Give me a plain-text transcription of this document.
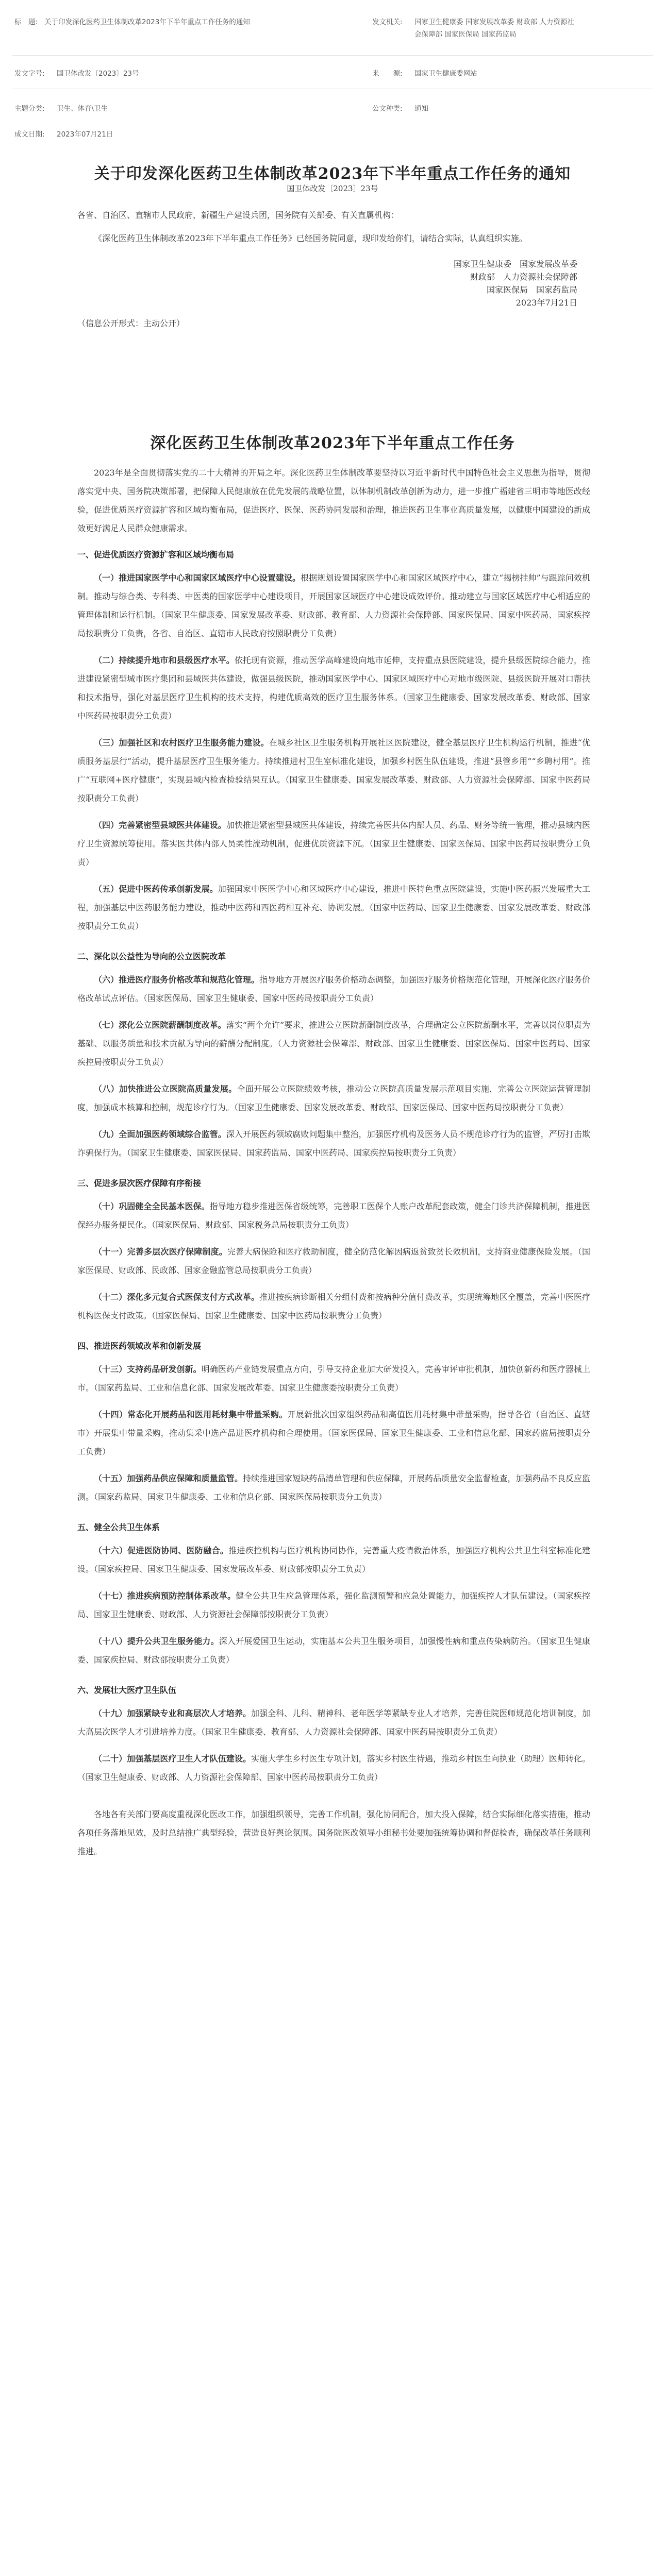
标　题: 关于印发深化医药卫生体制改革2023年下半年重点工作任务的通知	发文机关: 国家卫生健康委 国家发展改革委 财政部 人力资源社
会保障部 国家医保局 国家药监局
发文字号: 国卫体改发〔2023〕23号	来　　源: 国家卫生健康委网站
主题分类: 卫生、体育\卫生	公文种类: 通知
成文日期: 2023年07月21日
关于印发深化医药卫生体制改革2023年下半年重点工作任务的通知
国卫体改发〔2023〕23号

各省、自治区、直辖市人民政府，新疆生产建设兵团，国务院有关部委、有关直属机构：

《深化医药卫生体制改革2023年下半年重点工作任务》已经国务院同意，现印发给你们，请结合实际，认真组织实施。

国家卫生健康委　国家发展改革委
财政部　人力资源社会保障部
国家医保局　国家药监局
2023年7月21日

（信息公开形式：主动公开）

深化医药卫生体制改革2023年下半年重点工作任务

2023年是全面贯彻落实党的二十大精神的开局之年。深化医药卫生体制改革要坚持以习近平新时代中国特色社会主义思想为指导，贯彻落实党中央、国务院决策部署，把保障人民健康放在优先发展的战略位置，以体制机制改革创新为动力，进一步推广福建省三明市等地医改经验，促进优质医疗资源扩容和区域均衡布局，促进医疗、医保、医药协同发展和治理，推进医药卫生事业高质量发展，以健康中国建设的新成效更好满足人民群众健康需求。

一、促进优质医疗资源扩容和区域均衡布局

（一）推进国家医学中心和国家区域医疗中心设置建设。根据规划设置国家医学中心和国家区域医疗中心，建立“揭榜挂帅”与跟踪问效机制。推动与综合类、专科类、中医类的国家医学中心建设项目，开展国家区域医疗中心建设成效评价。推动建立与国家区域医疗中心相适应的管理体制和运行机制。（国家卫生健康委、国家发展改革委、财政部、教育部、人力资源社会保障部、国家医保局、国家中医药局、国家疾控局按职责分工负责，各省、自治区、直辖市人民政府按照职责分工负责）

（二）持续提升地市和县级医疗水平。依托现有资源，推动医学高峰建设向地市延伸，支持重点县医院建设，提升县级医院综合能力，推进建设紧密型城市医疗集团和县域医共体建设，做强县级医院，推动国家医学中心、国家区域医疗中心对地市级医院、县级医院开展对口帮扶和技术指导，强化对基层医疗卫生机构的技术支持，构建优质高效的医疗卫生服务体系。（国家卫生健康委、国家发展改革委、财政部、国家中医药局按职责分工负责）

（三）加强社区和农村医疗卫生服务能力建设。在城乡社区卫生服务机构开展社区医院建设，健全基层医疗卫生机构运行机制，推进“优质服务基层行”活动，提升基层医疗卫生服务能力。持续推进村卫生室标准化建设，加强乡村医生队伍建设，推进“县管乡用”“乡聘村用”。推广“互联网+医疗健康”，实现县域内检查检验结果互认。（国家卫生健康委、国家发展改革委、财政部、人力资源社会保障部、国家中医药局按职责分工负责）

（四）完善紧密型县域医共体建设。加快推进紧密型县域医共体建设，持续完善医共体内部人员、药品、财务等统一管理，推动县域内医疗卫生资源统筹使用。落实医共体内部人员柔性流动机制，促进优质资源下沉。（国家卫生健康委、国家医保局、国家中医药局按职责分工负责）

（五）促进中医药传承创新发展。加强国家中医医学中心和区域医疗中心建设，推进中医特色重点医院建设，实施中医药振兴发展重大工程，加强基层中医药服务能力建设，推动中医药和西医药相互补充、协调发展。（国家中医药局、国家卫生健康委、国家发展改革委、财政部按职责分工负责）

二、深化以公益性为导向的公立医院改革

（六）推进医疗服务价格改革和规范化管理。指导地方开展医疗服务价格动态调整，加强医疗服务价格规范化管理，开展深化医疗服务价格改革试点评估。（国家医保局、国家卫生健康委、国家中医药局按职责分工负责）

（七）深化公立医院薪酬制度改革。落实“两个允许”要求，推进公立医院薪酬制度改革，合理确定公立医院薪酬水平，完善以岗位职责为基础、以服务质量和技术贡献为导向的薪酬分配制度。（人力资源社会保障部、财政部、国家卫生健康委、国家医保局、国家中医药局、国家疾控局按职责分工负责）

（八）加快推进公立医院高质量发展。全面开展公立医院绩效考核，推动公立医院高质量发展示范项目实施，完善公立医院运营管理制度，加强成本核算和控制，规范诊疗行为。（国家卫生健康委、国家发展改革委、财政部、国家医保局、国家中医药局按职责分工负责）

（九）全面加强医药领域综合监管。深入开展医药领域腐败问题集中整治，加强医疗机构及医务人员不规范诊疗行为的监管，严厉打击欺诈骗保行为。（国家卫生健康委、国家医保局、国家药监局、国家中医药局、国家疾控局按职责分工负责）

三、促进多层次医疗保障有序衔接

（十）巩固健全全民基本医保。指导地方稳步推进医保省级统筹，完善职工医保个人账户改革配套政策，健全门诊共济保障机制，推进医保经办服务便民化。（国家医保局、财政部、国家税务总局按职责分工负责）

（十一）完善多层次医疗保障制度。完善大病保险和医疗救助制度，健全防范化解因病返贫致贫长效机制，支持商业健康保险发展。（国家医保局、财政部、民政部、国家金融监管总局按职责分工负责）

（十二）深化多元复合式医保支付方式改革。推进按疾病诊断相关分组付费和按病种分值付费改革，实现统筹地区全覆盖，完善中医医疗机构医保支付政策。（国家医保局、国家卫生健康委、国家中医药局按职责分工负责）

四、推进医药领域改革和创新发展

（十三）支持药品研发创新。明确医药产业链发展重点方向，引导支持企业加大研发投入，完善审评审批机制，加快创新药和医疗器械上市。（国家药监局、工业和信息化部、国家发展改革委、国家卫生健康委按职责分工负责）

（十四）常态化开展药品和医用耗材集中带量采购。开展新批次国家组织药品和高值医用耗材集中带量采购，指导各省（自治区、直辖市）开展集中带量采购，推动集采中选产品进医疗机构和合理使用。（国家医保局、国家卫生健康委、工业和信息化部、国家药监局按职责分工负责）

（十五）加强药品供应保障和质量监管。持续推进国家短缺药品清单管理和供应保障，开展药品质量安全监督检查，加强药品不良反应监测。（国家药监局、国家卫生健康委、工业和信息化部、国家医保局按职责分工负责）

五、健全公共卫生体系

（十六）促进医防协同、医防融合。推进疾控机构与医疗机构协同协作，完善重大疫情救治体系，加强医疗机构公共卫生科室标准化建设。（国家疾控局、国家卫生健康委、国家发展改革委、财政部按职责分工负责）

（十七）推进疾病预防控制体系改革。健全公共卫生应急管理体系，强化监测预警和应急处置能力，加强疾控人才队伍建设。（国家疾控局、国家卫生健康委、财政部、人力资源社会保障部按职责分工负责）

（十八）提升公共卫生服务能力。深入开展爱国卫生运动，实施基本公共卫生服务项目，加强慢性病和重点传染病防治。（国家卫生健康委、国家疾控局、财政部按职责分工负责）

六、发展壮大医疗卫生队伍

（十九）加强紧缺专业和高层次人才培养。加强全科、儿科、精神科、老年医学等紧缺专业人才培养，完善住院医师规范化培训制度，加大高层次医学人才引进培养力度。（国家卫生健康委、教育部、人力资源社会保障部、国家中医药局按职责分工负责）

（二十）加强基层医疗卫生人才队伍建设。实施大学生乡村医生专项计划，落实乡村医生待遇，推动乡村医生向执业（助理）医师转化。（国家卫生健康委、财政部、人力资源社会保障部、国家中医药局按职责分工负责）

各地各有关部门要高度重视深化医改工作，加强组织领导，完善工作机制，强化协同配合，加大投入保障，结合实际细化落实措施，推动各项任务落地见效，及时总结推广典型经验，营造良好舆论氛围。国务院医改领导小组秘书处要加强统筹协调和督促检查，确保改革任务顺利推进。
